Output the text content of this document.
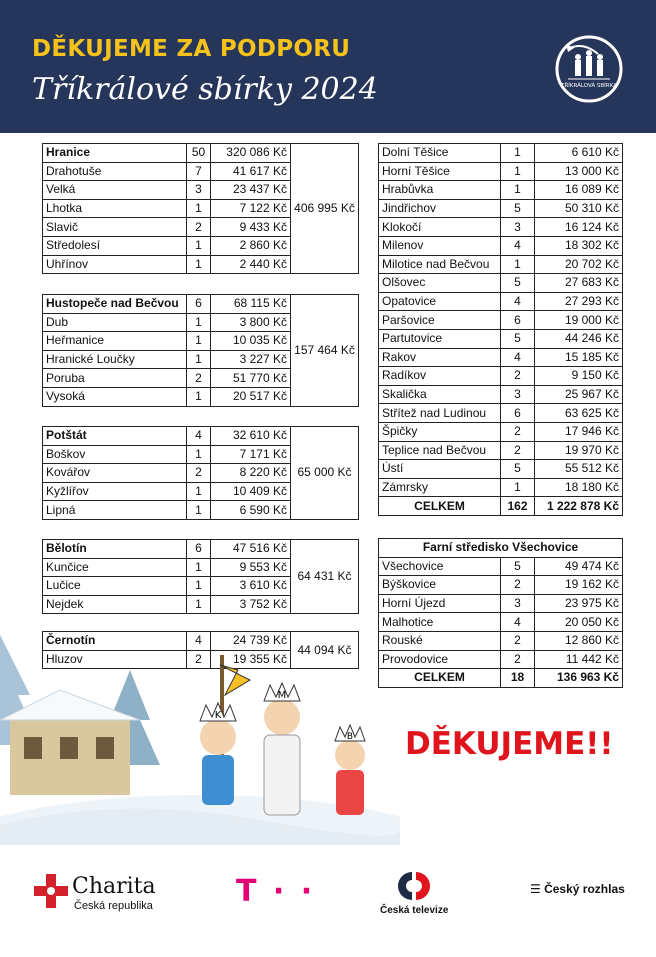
DĚKUJEME ZA PODPORU
Tříkrálové sbírky 2024	TŘÍKRÁLOVÁ SBÍRKA
Hranice	50	320 086 Kč	406 995 Kč
Drahotuše	7	41 617 Kč	
Velká	3	23 437 Kč	
Lhotka	1	7 122 Kč	
Slavič	2	9 433 Kč	
Středolesí	1	2 860 Kč	
Uhřínov	1	2 440 Kč	
Hustopeče nad Bečvou	6	68 115 Kč	157 464 Kč
Dub	1	3 800 Kč	
Heřmanice	1	10 035 Kč	
Hranické Loučky	1	3 227 Kč	
Poruba	2	51 770 Kč	
Vysoká	1	20 517 Kč	
Potštát	4	32 610 Kč	65 000 Kč
Boškov	1	7 171 Kč	
Kovářov	2	8 220 Kč	
Kyžlířov	1	10 409 Kč	
Lipná	1	6 590 Kč	
Bělotín	6	47 516 Kč	64 431 Kč
Kunčice	1	9 553 Kč	
Lučice	1	3 610 Kč	
Nejdek	1	3 752 Kč	
Černotín	4	24 739 Kč	44 094 Kč
Hluzov	2	19 355 Kč	
Dolní Těšice	1	6 610 Kč
Horní Těšice	1	13 000 Kč
Hrabůvka	1	16 089 Kč
Jindřichov	5	50 310 Kč
Klokočí	3	16 124 Kč
Milenov	4	18 302 Kč
Milotice nad Bečvou	1	20 702 Kč
Olšovec	5	27 683 Kč
Opatovice	4	27 293 Kč
Paršovice	6	19 000 Kč
Partutovice	5	44 246 Kč
Rakov	4	15 185 Kč
Radíkov	2	9 150 Kč
Skalička	3	25 967 Kč
Střítež nad Ludinou	6	63 625 Kč
Špičky	2	17 946 Kč
Teplice nad Bečvou	2	19 970 Kč
Ústí	5	55 512 Kč
Zámrsky	1	18 180 Kč
CELKEM	162	1 222 878 Kč
Farní středisko Všechovice		
Všechovice	5	49 474 Kč
Býškovice	2	19 162 Kč
Horní Újezd	3	23 975 Kč
Malhotice	4	20 050 Kč
Rouské	2	12 860 Kč
Provodovice	2	11 442 Kč
CELKEM	18	136 963 Kč
K
M
B DĚKUJEME!!
Charita
Česká republika	T · ·
Česká televize
☰ Český rozhlas
